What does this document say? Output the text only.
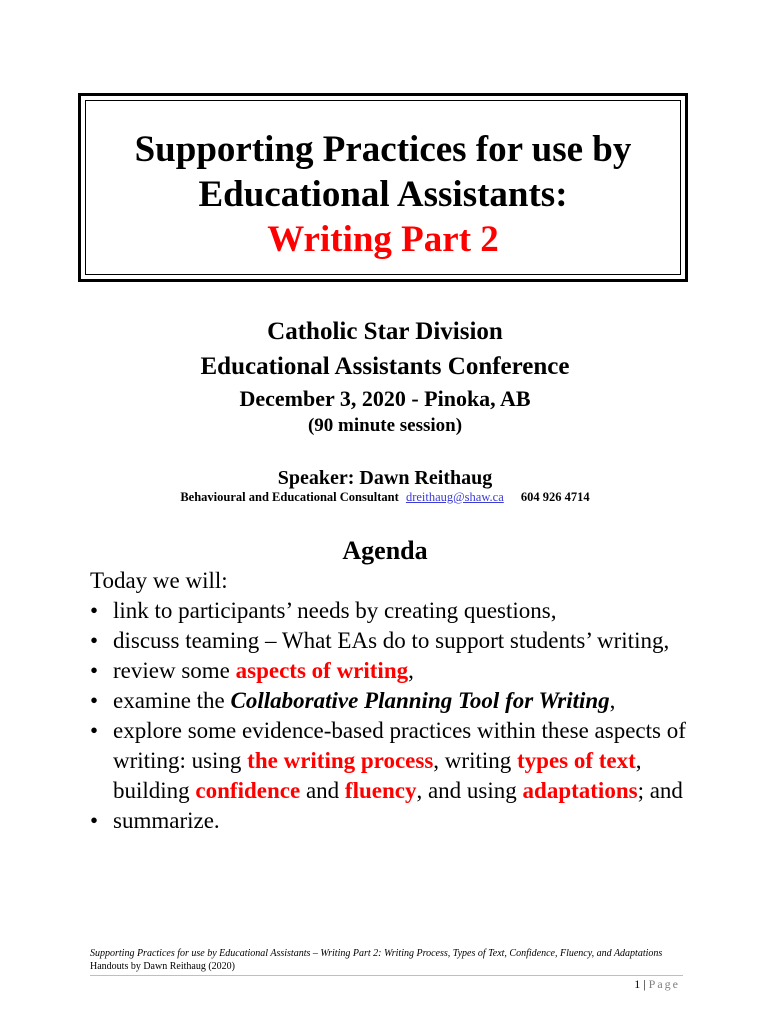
Supporting Practices for use by
Educational Assistants:
Writing Part 2
Catholic Star Division
Educational Assistants Conference
December 3, 2020 - Pinoka, AB
(90 minute session)
Speaker: Dawn Reithaug
Behavioural and Educational Consultant dreithaug@shaw.ca 604 926 4714
Agenda
Today we will:
• link to participants’ needs by creating questions,
• discuss teaming – What EAs do to support students’ writing,
• review some aspects of writing,
• examine the Collaborative Planning Tool for Writing,
• explore some evidence-based practices within these aspects of writing: using the writing process, writing types of text, building confidence and fluency, and using adaptations; and
• summarize.
Supporting Practices for use by Educational Assistants – Writing Part 2: Writing Process, Types of Text, Confidence, Fluency, and Adaptations Handouts by Dawn Reithaug (2020)
1 | Page
